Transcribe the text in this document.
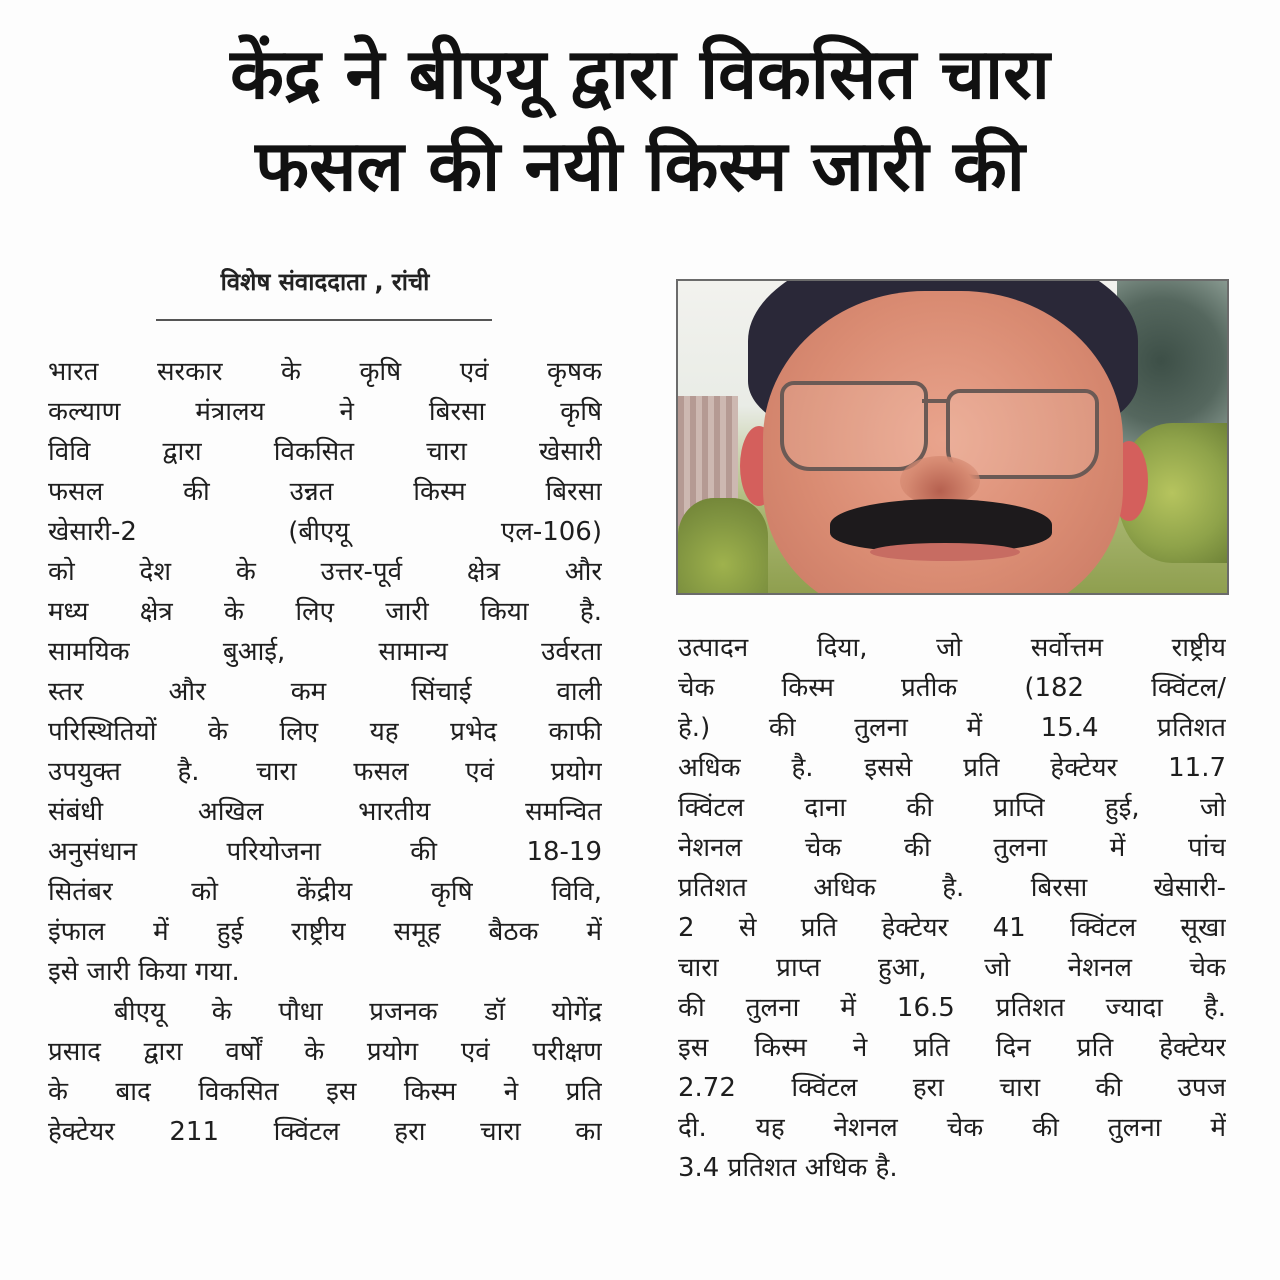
केंद्र ने बीएयू द्वारा विकसित चारा
फसल की नयी किस्म जारी की
विशेष संवाददाता , रांची
भारत सरकार के कृषि एवं कृषक
कल्याण मंत्रालय ने बिरसा कृषि
विवि द्वारा विकसित चारा खेसारी
फसल की उन्नत किस्म बिरसा
खेसारी-2 (बीएयू एल-106)
को देश के उत्तर-पूर्व क्षेत्र और
मध्य क्षेत्र के लिए जारी किया है.
सामयिक बुआई, सामान्य उर्वरता
स्तर और कम सिंचाई वाली
परिस्थितियों के लिए यह प्रभेद काफी
उपयुक्त है. चारा फसल एवं प्रयोग
संबंधी अखिल भारतीय समन्वित
अनुसंधान परियोजना की 18-19
सितंबर को केंद्रीय कृषि विवि,
इंफाल में हुई राष्ट्रीय समूह बैठक में
इसे जारी किया गया.
बीएयू के पौधा प्रजनक डॉ योगेंद्र
प्रसाद द्वारा वर्षों के प्रयोग एवं परीक्षण
के बाद विकसित इस किस्म ने प्रति
हेक्टेयर 211 क्विंटल हरा चारा का
उत्पादन दिया, जो सर्वोत्तम राष्ट्रीय
चेक किस्म प्रतीक (182 क्विंटल/
हे.) की तुलना में 15.4 प्रतिशत
अधिक है. इससे प्रति हेक्टेयर 11.7
क्विंटल दाना की प्राप्ति हुई, जो
नेशनल चेक की तुलना में पांच
प्रतिशत अधिक है. बिरसा खेसारी-
2 से प्रति हेक्टेयर 41 क्विंटल सूखा
चारा प्राप्त हुआ, जो नेशनल चेक
की तुलना में 16.5 प्रतिशत ज्यादा है.
इस किस्म ने प्रति दिन प्रति हेक्टेयर
2.72 क्विंटल हरा चारा की उपज
दी. यह नेशनल चेक की तुलना में
3.4 प्रतिशत अधिक है.
